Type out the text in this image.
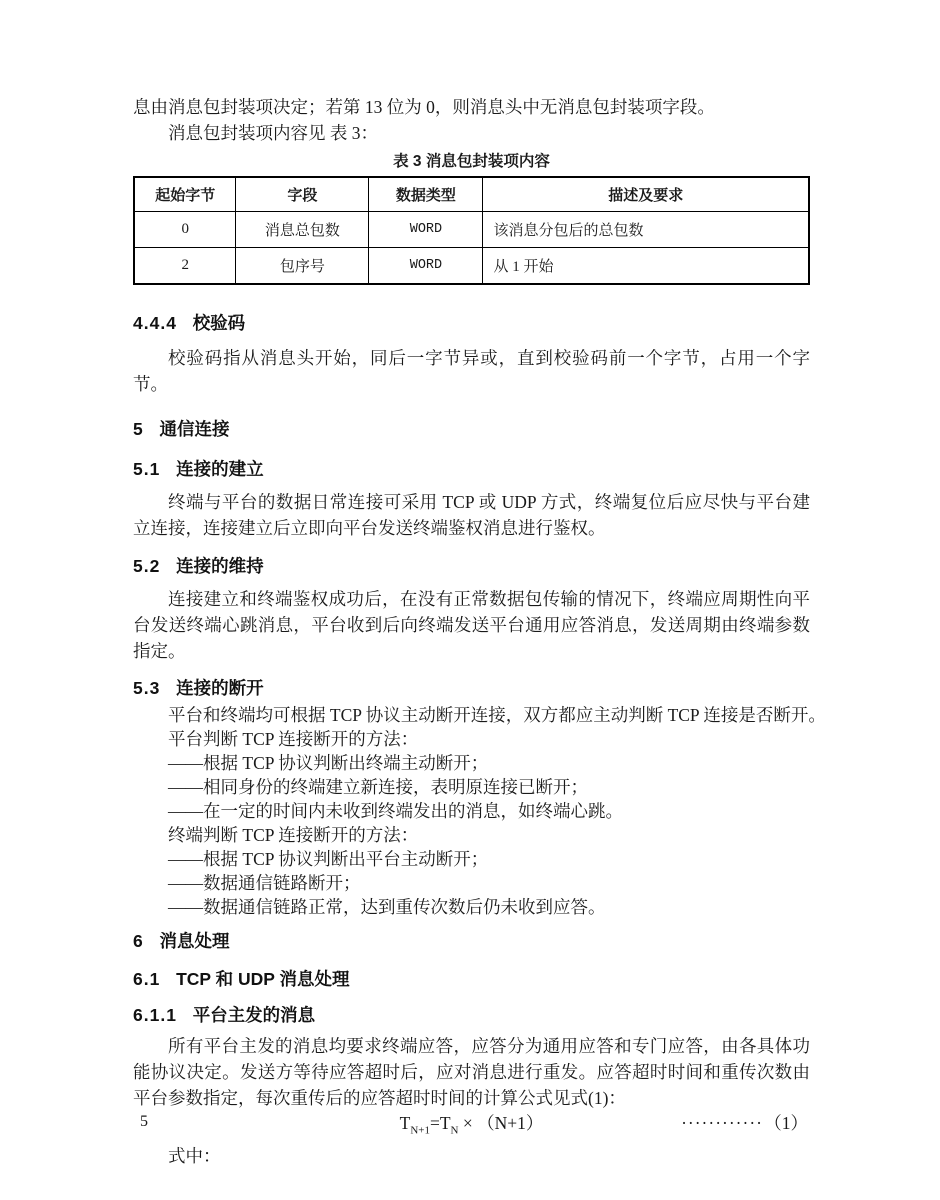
息由消息包封装项决定；若第 13 位为 0，则消息头中无消息包封装项字段。

消息包封装项内容见 表 3：

表 3 消息包封装项内容
起始字节	字段	数据类型	描述及要求
0	消息总包数	WORD	该消息分包后的总包数
2	包序号	WORD	从 1 开始
4.4.4 校验码

校验码指从消息头开始，同后一字节异或，直到校验码前一个字节，占用一个字节。

5 通信连接
5.1 连接的建立

终端与平台的数据日常连接可采用 TCP 或 UDP 方式，终端复位后应尽快与平台建立连接，连接建立后立即向平台发送终端鉴权消息进行鉴权。

5.2 连接的维持

连接建立和终端鉴权成功后，在没有正常数据包传输的情况下，终端应周期性向平台发送终端心跳消息，平台收到后向终端发送平台通用应答消息，发送周期由终端参数指定。

5.3 连接的断开

平台和终端均可根据 TCP 协议主动断开连接，双方都应主动判断 TCP 连接是否断开。

平台判断 TCP 连接断开的方法：

——根据 TCP 协议判断出终端主动断开；

——相同身份的终端建立新连接，表明原连接已断开；

——在一定的时间内未收到终端发出的消息，如终端心跳。

终端判断 TCP 连接断开的方法：

——根据 TCP 协议判断出平台主动断开；

——数据通信链路断开；

——数据通信链路正常，达到重传次数后仍未收到应答。

6 消息处理
6.1 TCP 和 UDP 消息处理
6.1.1 平台主发的消息

所有平台主发的消息均要求终端应答，应答分为通用应答和专门应答，由各具体功能协议决定。发送方等待应答超时后，应对消息进行重发。应答超时时间和重传次数由平台参数指定，每次重传后的应答超时时间的计算公式见式(1)：

$T_{N+1}=T_N \times (N+1)$	············ （1）

式中：

5
